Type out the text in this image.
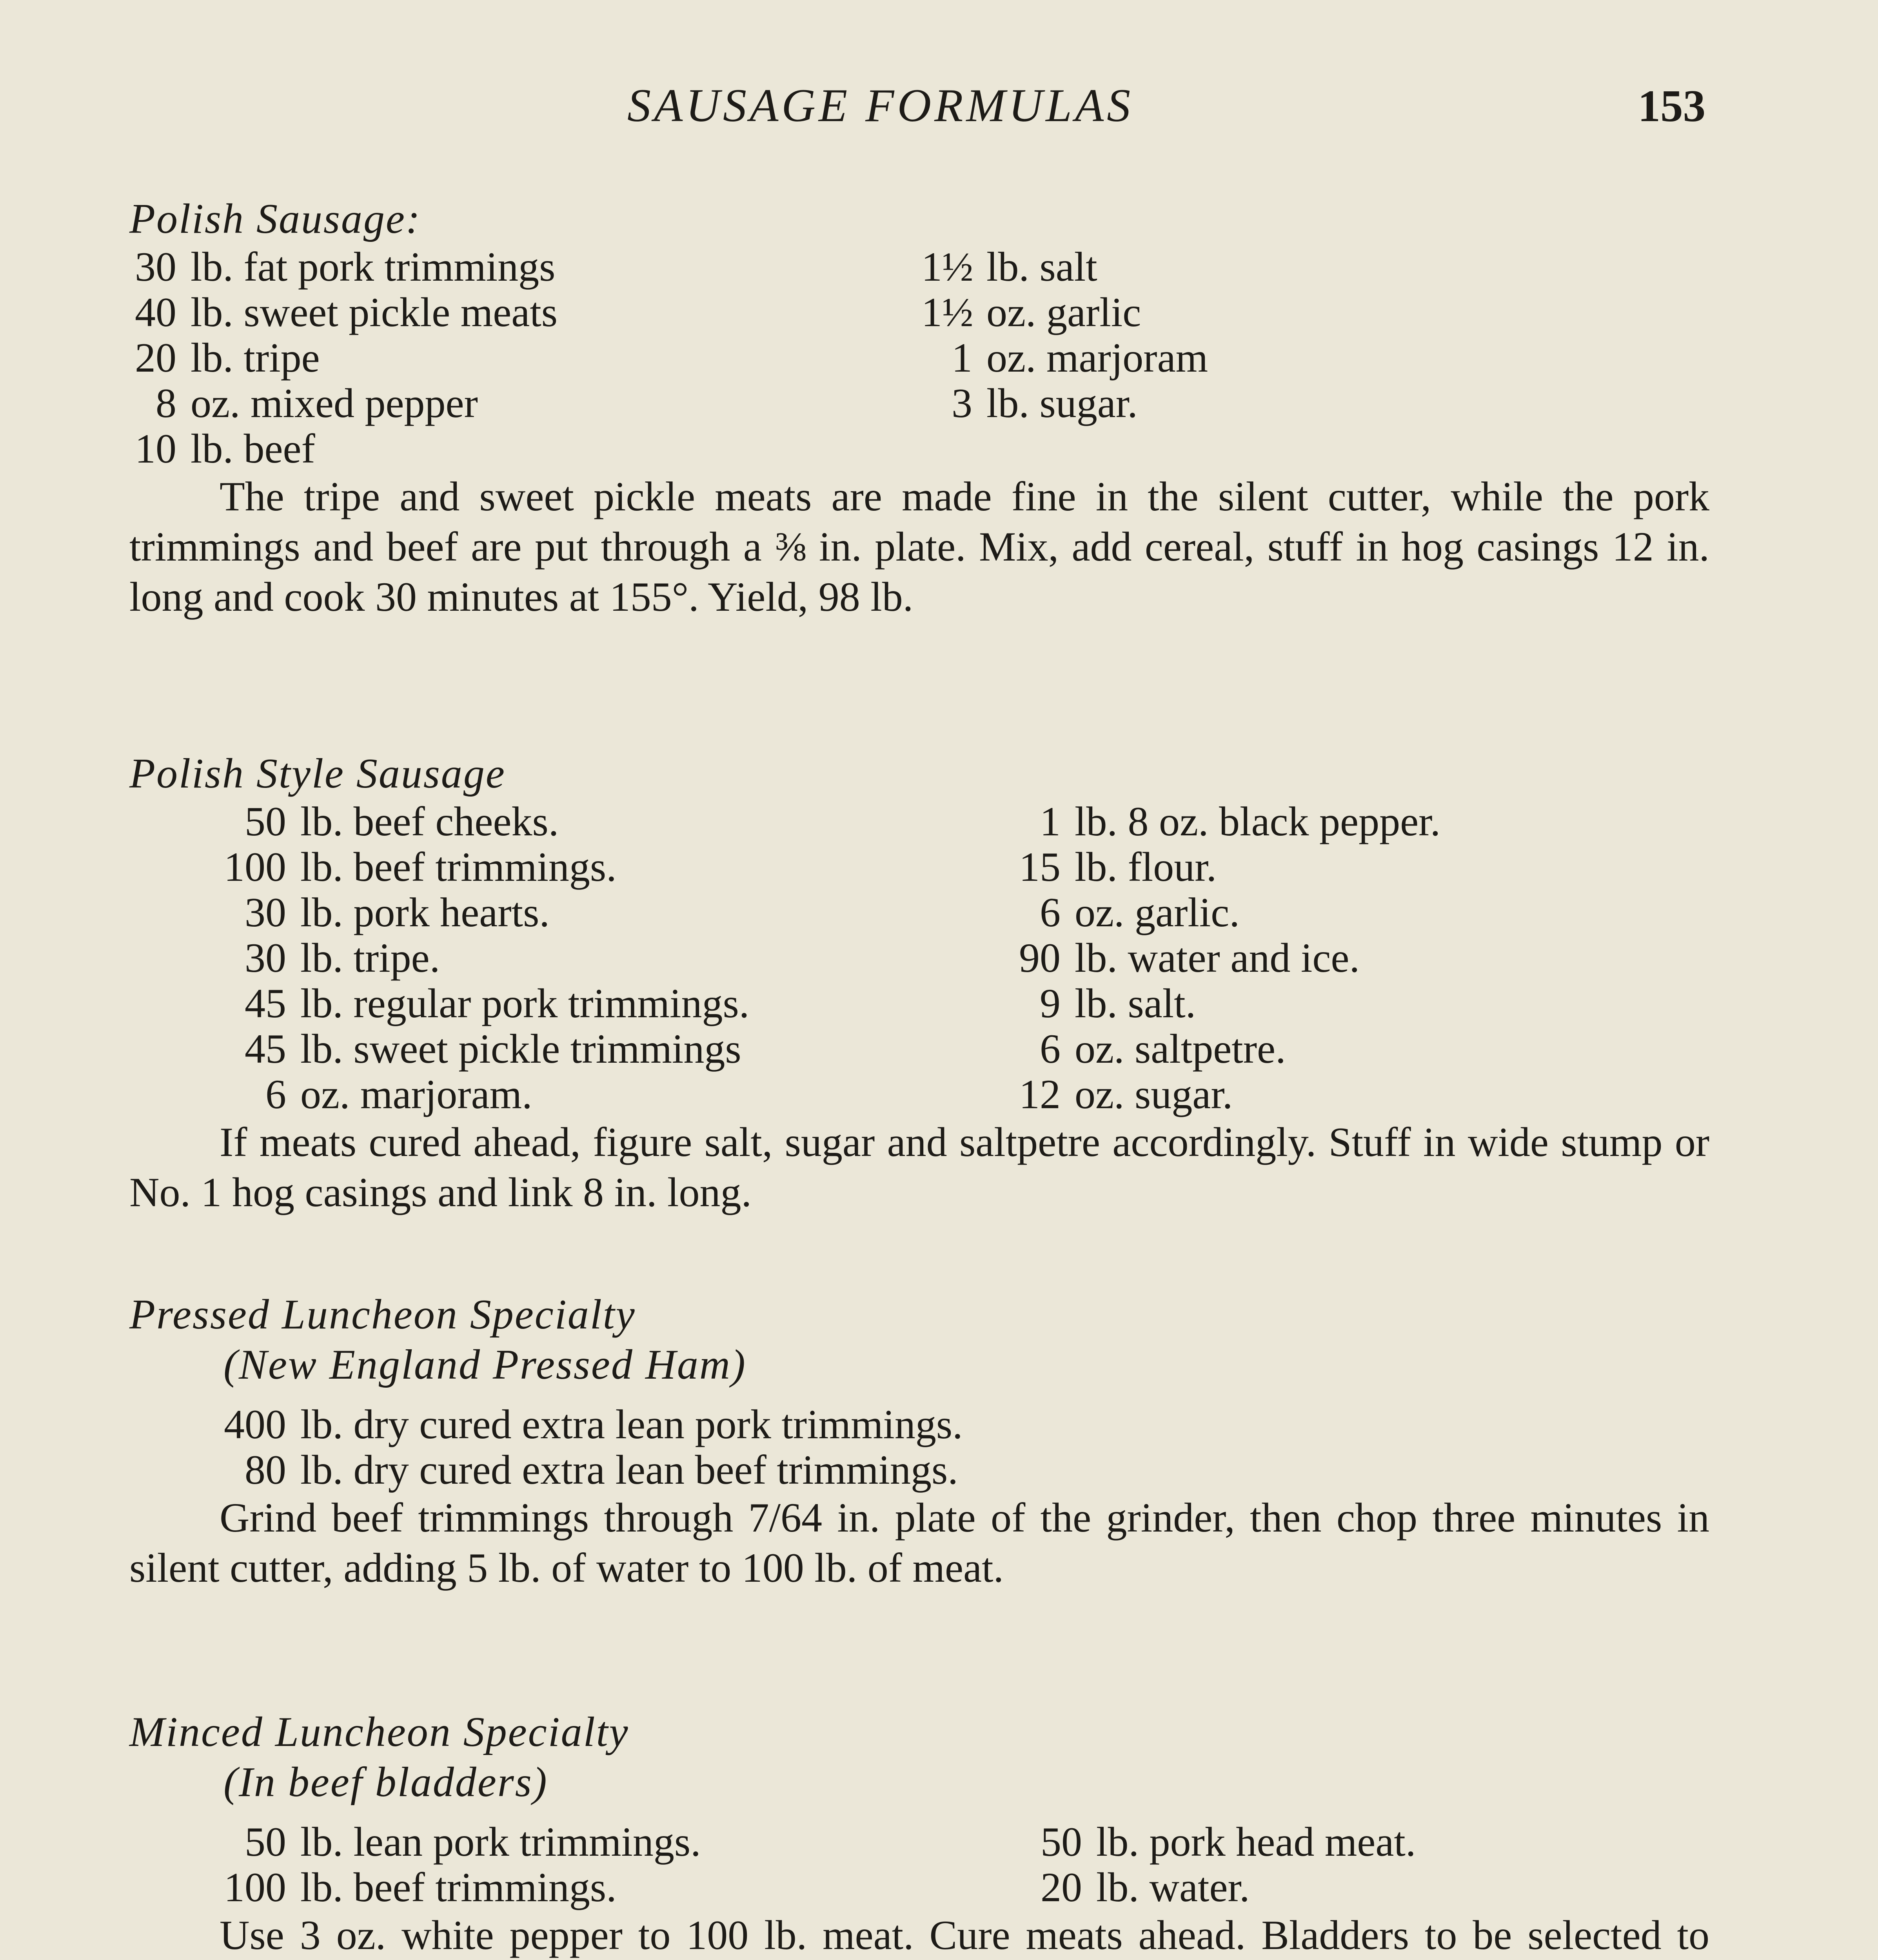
SAUSAGE FORMULAS	153
Polish Sausage:
30 lb. fat pork trimmings	1½ lb. salt
40 lb. sweet pickle meats	1½ oz. garlic
20 lb. tripe	1 oz. marjoram
8 oz. mixed pepper	3 lb. sugar.
10 lb. beef

The tripe and sweet pickle meats are made fine in the silent cutter, while the pork trimmings and beef are put through a ⅜ in. plate. Mix, add cereal, stuff in hog casings 12 in. long and cook 30 minutes at 155°. Yield, 98 lb.

Polish Style Sausage
50 lb. beef cheeks.	1 lb. 8 oz. black pepper.
100 lb. beef trimmings.	15 lb. flour.
30 lb. pork hearts.	6 oz. garlic.
30 lb. tripe.	90 lb. water and ice.
45 lb. regular pork trimmings.	9 lb. salt.
45 lb. sweet pickle trimmings	6 oz. saltpetre.
6 oz. marjoram.	12 oz. sugar.

If meats cured ahead, figure salt, sugar and saltpetre accordingly. Stuff in wide stump or No. 1 hog casings and link 8 in. long.

Pressed Luncheon Specialty
(New England Pressed Ham)
400 lb. dry cured extra lean pork trimmings.
80 lb. dry cured extra lean beef trimmings.

Grind beef trimmings through 7/64 in. plate of the grinder, then chop three minutes in silent cutter, adding 5 lb. of water to 100 lb. of meat.

Minced Luncheon Specialty
(In beef bladders)
50 lb. lean pork trimmings.	50 lb. pork head meat.
100 lb. beef trimmings.	20 lb. water.

Use 3 oz. white pepper to 100 lb. meat. Cure meats ahead. Bladders to be selected to
